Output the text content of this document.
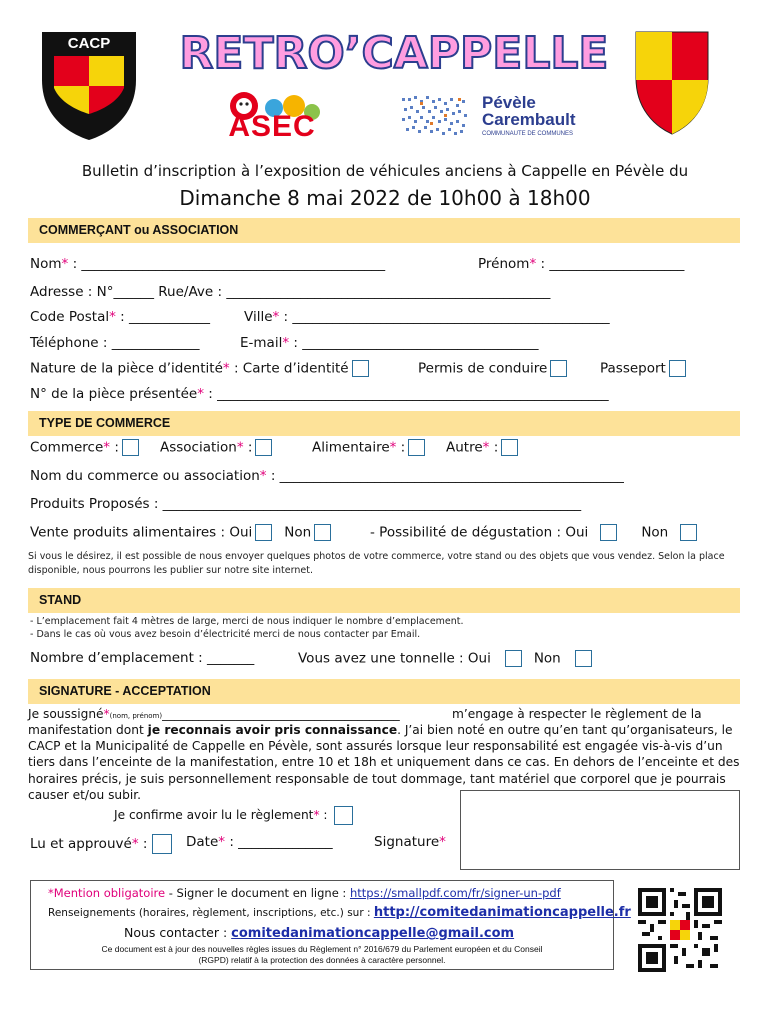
CACP RETRO’CAPPELLE
ASEC
Pévèle
Carembault
COMMUNAUTE DE COMMUNES
Bulletin d’inscription à l’exposition de véhicules anciens à Cappelle en Pévèle du
Dimanche 8 mai 2022 de 10h00 à 18h00
COMMERÇANT ou ASSOCIATION
Nom* : _____________________________________________	Prénom* : ____________________
Adresse : N°______ Rue/Ave : ________________________________________________
Code Postal* : ____________	Ville* : _______________________________________________
Téléphone : _____________	E-mail* : ___________________________________
Nature de la pièce d’identité* : Carte d’identité	Permis de conduire	Passeport
N° de la pièce présentée* : __________________________________________________________
TYPE DE COMMERCE
Commerce* :	Association* :	Alimentaire* :	Autre* :
Nom du commerce ou association* : ___________________________________________________
Produits Proposés : ______________________________________________________________
Vente produits alimentaires : Oui Non	- Possibilité de dégustation : Oui	Non
Si vous le désirez, il est possible de nous envoyer quelques photos de votre commerce, votre stand ou des objets que vous vendez. Selon la place disponible, nous pourrons les publier sur notre site internet.
STAND
- L’emplacement fait 4 mètres de large, merci de nous indiquer le nombre d’emplacement.
- Dans le cas où vous avez besoin d’électricité merci de nous contacter par Email.
Nombre d’emplacement : _______	Vous avez une tonnelle : Oui	Non
SIGNATURE - ACCEPTATION
Je soussigné*(nom, prénom)_______________________________________	m’engage à respecter le règlement de la
manifestation dont je reconnais avoir pris connaissance. J’ai bien noté en outre qu’en tant qu’organisateurs, le CACP et la Municipalité de Cappelle en Pévèle, sont assurés lorsque leur responsabilité est engagée vis-à-vis d’un tiers dans l’enceinte de la manifestation, entre 10 et 18h et uniquement dans ce cas. En dehors de l’enceinte et des horaires précis, je suis personnellement responsable de tout dommage, tant matériel que corporel que je pourrais causer et/ou subir.
Je confirme avoir lu le règlement* :
Lu et approuvé* :	Date* : ______________	Signature*
*Mention obligatoire - Signer le document en ligne : https://smallpdf.com/fr/signer-un-pdf
Renseignements (horaires, règlement, inscriptions, etc.) sur : http://comitedanimationcappelle.fr
Nous contacter : comitedanimationcappelle@gmail.com
Ce document est à jour des nouvelles règles issues du Règlement n° 2016/679 du Parlement européen et du Conseil
(RGPD) relatif à la protection des données à caractère personnel.
